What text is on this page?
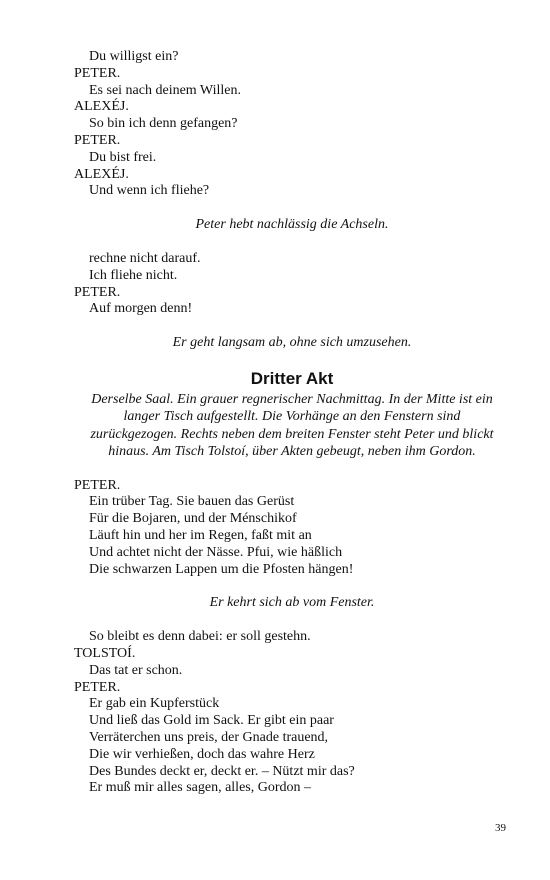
Du willigst ein?
PETER.
Es sei nach deinem Willen.
ALEXÉJ.
So bin ich denn gefangen?
PETER.
Du bist frei.
ALEXÉJ.
Und wenn ich fliehe?
Peter hebt nachlässig die Achseln.
rechne nicht darauf.
Ich fliehe nicht.
PETER.
Auf morgen denn!
Er geht langsam ab, ohne sich umzusehen.
Dritter Akt
Derselbe Saal. Ein grauer regnerischer Nachmittag. In der Mitte ist ein
langer Tisch aufgestellt. Die Vorhänge an den Fenstern sind
zurückgezogen. Rechts neben dem breiten Fenster steht Peter und blickt
hinaus. Am Tisch Tolstoí, über Akten gebeugt, neben ihm Gordon.
PETER.
Ein trüber Tag. Sie bauen das Gerüst
Für die Bojaren, und der Ménschikof
Läuft hin und her im Regen, faßt mit an
Und achtet nicht der Nässe. Pfui, wie häßlich
Die schwarzen Lappen um die Pfosten hängen!
Er kehrt sich ab vom Fenster.
So bleibt es denn dabei: er soll gestehn.
TOLSTOÍ.
Das tat er schon.
PETER.
Er gab ein Kupferstück
Und ließ das Gold im Sack. Er gibt ein paar
Verräterchen uns preis, der Gnade trauend,
Die wir verhießen, doch das wahre Herz
Des Bundes deckt er, deckt er. – Nützt mir das?
Er muß mir alles sagen, alles, Gordon –
39
